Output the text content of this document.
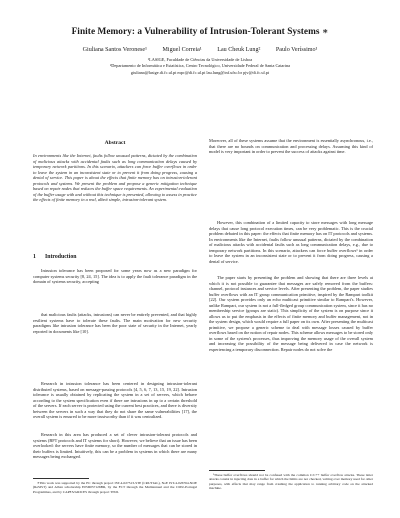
Finite Memory: a Vulnerability of Intrusion-Tolerant Systems ∗
Giuliana Santos Veronese¹	Miguel Correia¹	Lau Cheuk Lung²	Paulo Veríssimo¹
¹LASIGE, Faculdade de Ciências da Universidade de Lisboa
²Departamento de Informática e Estatística, Centro Tecnológico, Universidade Federal de Santa Catarina
giuliana@lasige.di.fc.ul.pt mpc@di.fc.ul.pt lau.lung@inf.ufsc.br pjv@di.fc.ul.pt
Abstract

In environments like the Internet, faults follow unusual patterns, dictated by the combination of malicious attacks with accidental faults such as long communication delays caused by temporary network partitions. In this scenario, attackers can force buffer overflows in order to leave the system in an inconsistent state or to prevent it from doing progress, causing a denial of service. This paper is about the effects that finite memory has on intrusion-tolerant protocols and systems. We present the problem and propose a generic mitigation technique based on repair nodes that reduces the buffer space requirements. An experimental evaluation of the buffer usage with and without this technique is presented, allowing to assess in practice the effects of finite memory in a real, albeit simple, intrusion-tolerant system.

1 Introduction

Intrusion tolerance has been proposed for some years now as a new paradigm for computer systems security [8, 24, 15]. The idea is to apply the fault tolerance paradigm in the domain of systems security, accepting

that malicious faults (attacks, intrusions) can never be entirely prevented, and that highly resilient systems have to tolerate these faults. The main motivation for new security paradigms like intrusion tolerance has been the poor state of security in the Internet, yearly reported in documents like [10].

Research in intrusion tolerance has been centered in designing intrusion-tolerant distributed systems, based on message-passing protocols [4, 5, 6, 7, 13, 15, 19, 22]. Intrusion tolerance is usually obtained by replicating the system in a set of servers, which behave according to the system specification even if there are intrusions in up to a certain threshold of the servers. If each server is protected using the current best practices, and there is diversity between the servers in such a way that they do not share the same vulnerabilities [17], the overall system is ensured to be more trustworthy than if it was centralized.

Research in this area has produced a set of clever intrusion-tolerant protocols and systems (BFT protocols and IT systems for short). However, we believe that an issue has been overlooked: the servers have finite memory, so the number of messages that can be stored in their buffers is limited. Intuitively, this can be a problem in systems in which there are many messages being exchanged.

∗This work was supported by the EC through project IST-4-027513-STP (CRUTIAL), NoE IST-4-026764-NOE (ReSIST) and Alban scholarship E05D057126BR, by the FCT through the Multiannual and the CMU-Portugal Programmes, and by CAPES/GRICES through project TISD.

Moreover, all of these systems assume that the environment is essentially asynchronous, i.e., that there are no bounds on communication and processing delays. Assuming this kind of model is very important in order to prevent the success of attacks against time.

However, this combination of a limited capacity to store messages with long message delays that cause long protocol execution times, can be very problematic. This is the crucial problem debated in this paper: the effects that finite memory has on IT protocols and systems. In environments like the Internet, faults follow unusual patterns, dictated by the combination of malicious attacks with accidental faults such as long communication delays, e.g., due to temporary network partitions. In this scenario, attackers can force buffer overflows¹ in order to leave the system in an inconsistent state or to prevent it from doing progress, causing a denial of service.

The paper starts by presenting the problem and showing that there are three levels at which it is not possible to guarantee that messages are safely removed from the buffers: channel, protocol instances and service levels. After presenting the problem, the paper studies buffer overflows with an IT group communication primitive, inspired by the Rampart toolkit [22]. Our system provides only an echo multicast primitive similar to Rampart's. However, unlike Rampart, our system is not a full-fledged group communication system, since it has no membership service (groups are static). This simplicity of the system is on purpose since it allows us to put the emphasis in the effects of finite memory and buffer management, not in the system design, which would require a full paper on its own. After presenting the multicast primitive, we propose a generic scheme to deal with message losses caused by buffer overflows based on the notion of repair nodes. This scheme allows messages to be stored only in some of the system's processes, thus improving the memory usage of the overall system and increasing the possibility of the message being delivered in case the network is experiencing a temporary disconnection. Repair nodes do not solve the

¹These buffer overflows should not be confused with the common C/C++ buffer overflow attacks. These latter attacks consist in injecting data in a buffer for which the limits are not checked, writing over memory used for other purposes, with effects that may range from crashing the application to running arbitrary code on the attacked machine.
